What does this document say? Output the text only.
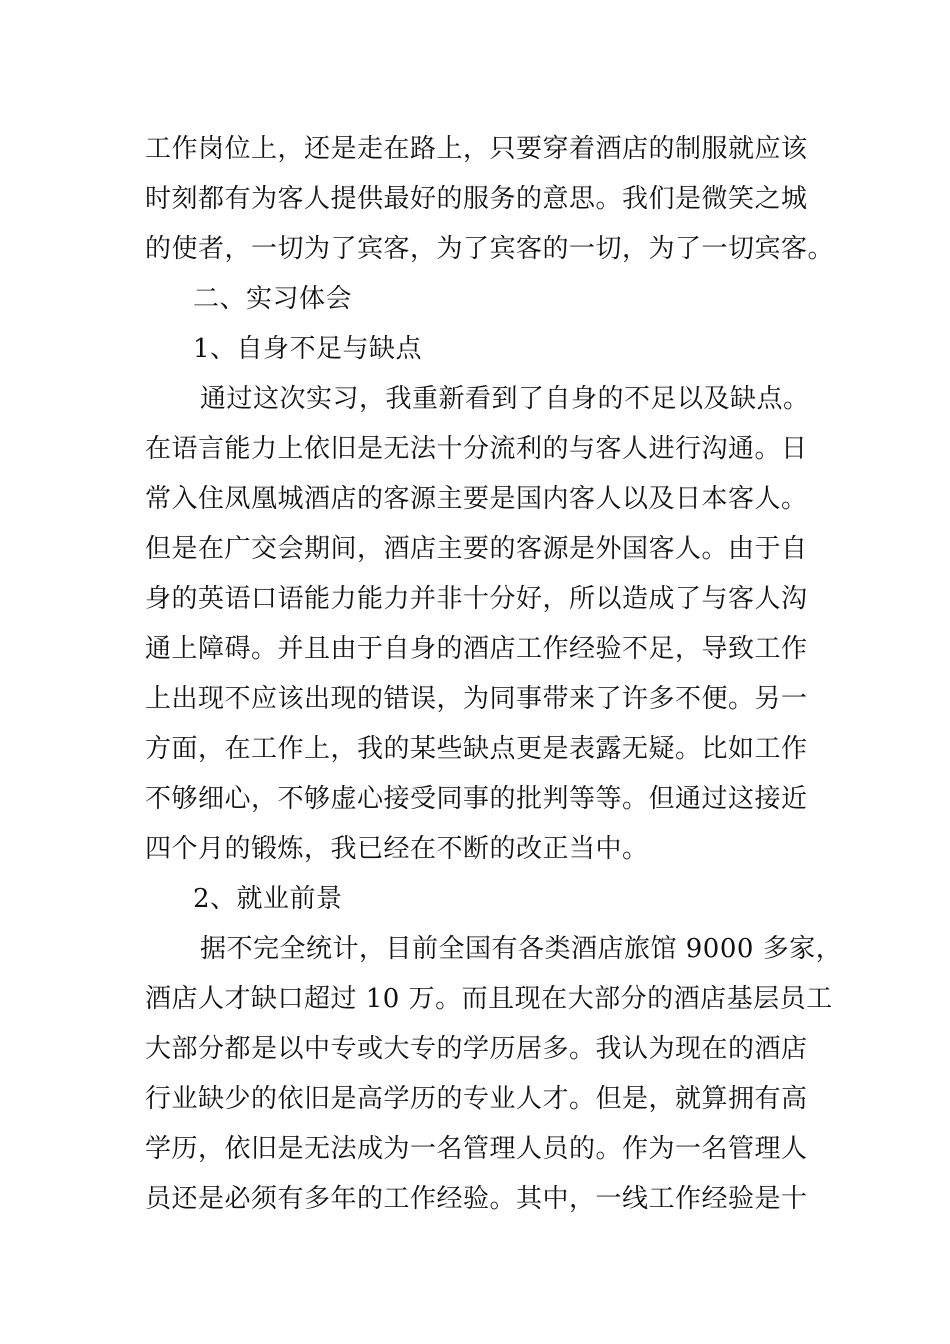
工作岗位上，还是走在路上，只要穿着酒店的制服就应该
时刻都有为客人提供最好的服务的意思。我们是微笑之城
的使者，一切为了宾客，为了宾客的一切，为了一切宾客。
二、实习体会
1、自身不足与缺点
通过这次实习，我重新看到了自身的不足以及缺点。
在语言能力上依旧是无法十分流利的与客人进行沟通。日
常入住凤凰城酒店的客源主要是国内客人以及日本客人。
但是在广交会期间，酒店主要的客源是外国客人。由于自
身的英语口语能力能力并非十分好，所以造成了与客人沟
通上障碍。并且由于自身的酒店工作经验不足，导致工作
上出现不应该出现的错误，为同事带来了许多不便。另一
方面，在工作上，我的某些缺点更是表露无疑。比如工作
不够细心，不够虚心接受同事的批判等等。但通过这接近
四个月的锻炼，我已经在不断的改正当中。
2、就业前景
据不完全统计，目前全国有各类酒店旅馆 9000 多家，
酒店人才缺口超过 10 万。而且现在大部分的酒店基层员工
大部分都是以中专或大专的学历居多。我认为现在的酒店
行业缺少的依旧是高学历的专业人才。但是，就算拥有高
学历，依旧是无法成为一名管理人员的。作为一名管理人
员还是必须有多年的工作经验。其中，一线工作经验是十
